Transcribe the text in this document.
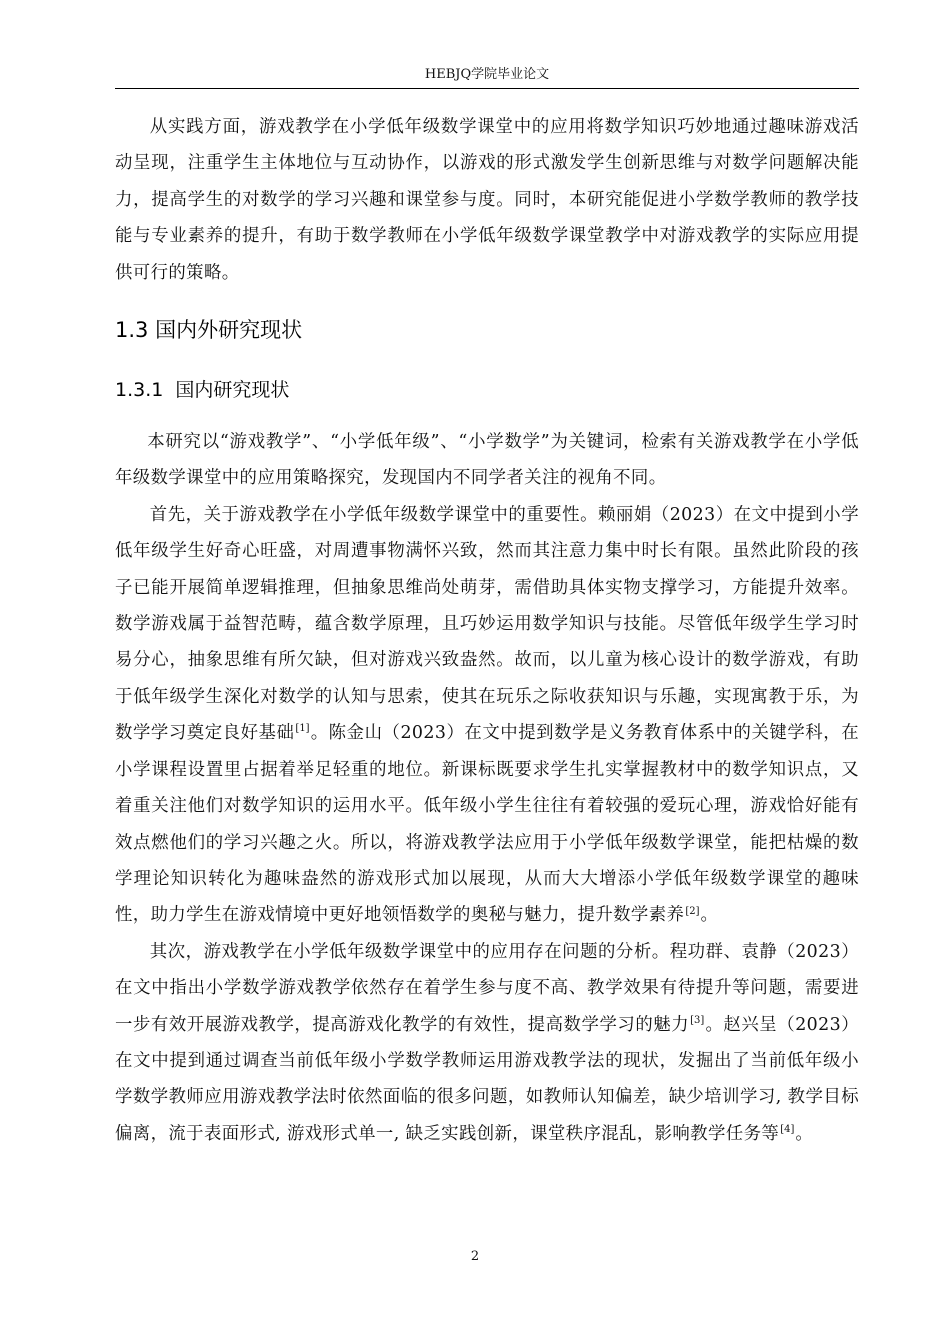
HEBJQ学院毕业论文

从实践方面，游戏教学在小学低年级数学课堂中的应用将数学知识巧妙地通过趣味游戏活动呈现，注重学生主体地位与互动协作，以游戏的形式激发学生创新思维与对数学问题解决能力，提高学生的对数学的学习兴趣和课堂参与度。同时，本研究能促进小学数学教师的教学技能与专业素养的提升，有助于数学教师在小学低年级数学课堂教学中对游戏教学的实际应用提供可行的策略。

1.3 国内外研究现状
1.3.1 国内研究现状

本研究以“游戏教学”、“小学低年级”、“小学数学”为关键词，检索有关游戏教学在小学低年级数学课堂中的应用策略探究，发现国内不同学者关注的视角不同。

首先，关于游戏教学在小学低年级数学课堂中的重要性。赖丽娟（2023）在文中提到小学低年级学生好奇心旺盛，对周遭事物满怀兴致，然而其注意力集中时长有限。虽然此阶段的孩子已能开展简单逻辑推理，但抽象思维尚处萌芽，需借助具体实物支撑学习，方能提升效率。数学游戏属于益智范畴，蕴含数学原理，且巧妙运用数学知识与技能。尽管低年级学生学习时易分心，抽象思维有所欠缺，但对游戏兴致盎然。故而，以儿童为核心设计的数学游戏，有助于低年级学生深化对数学的认知与思索，使其在玩乐之际收获知识与乐趣，实现寓教于乐，为数学学习奠定良好基础[1]。陈金山（2023）在文中提到数学是义务教育体系中的关键学科，在小学课程设置里占据着举足轻重的地位。新课标既要求学生扎实掌握教材中的数学知识点，又着重关注他们对数学知识的运用水平。低年级小学生往往有着较强的爱玩心理，游戏恰好能有效点燃他们的学习兴趣之火。所以，将游戏教学法应用于小学低年级数学课堂，能把枯燥的数学理论知识转化为趣味盎然的游戏形式加以展现，从而大大增添小学低年级数学课堂的趣味性，助力学生在游戏情境中更好地领悟数学的奥秘与魅力，提升数学素养[2]。

其次，游戏教学在小学低年级数学课堂中的应用存在问题的分析。程功群、袁静（2023）在文中指出小学数学游戏教学依然存在着学生参与度不高、教学效果有待提升等问题，需要进一步有效开展游戏教学，提高游戏化教学的有效性，提高数学学习的魅力[3]。赵兴呈（2023）在文中提到通过调查当前低年级小学数学教师运用游戏教学法的现状，发掘出了当前低年级小学数学教师应用游戏教学法时依然面临的很多问题，如教师认知偏差，缺少培训学习, 教学目标偏离，流于表面形式, 游戏形式单一, 缺乏实践创新，课堂秩序混乱，影响教学任务等[4]。

2
